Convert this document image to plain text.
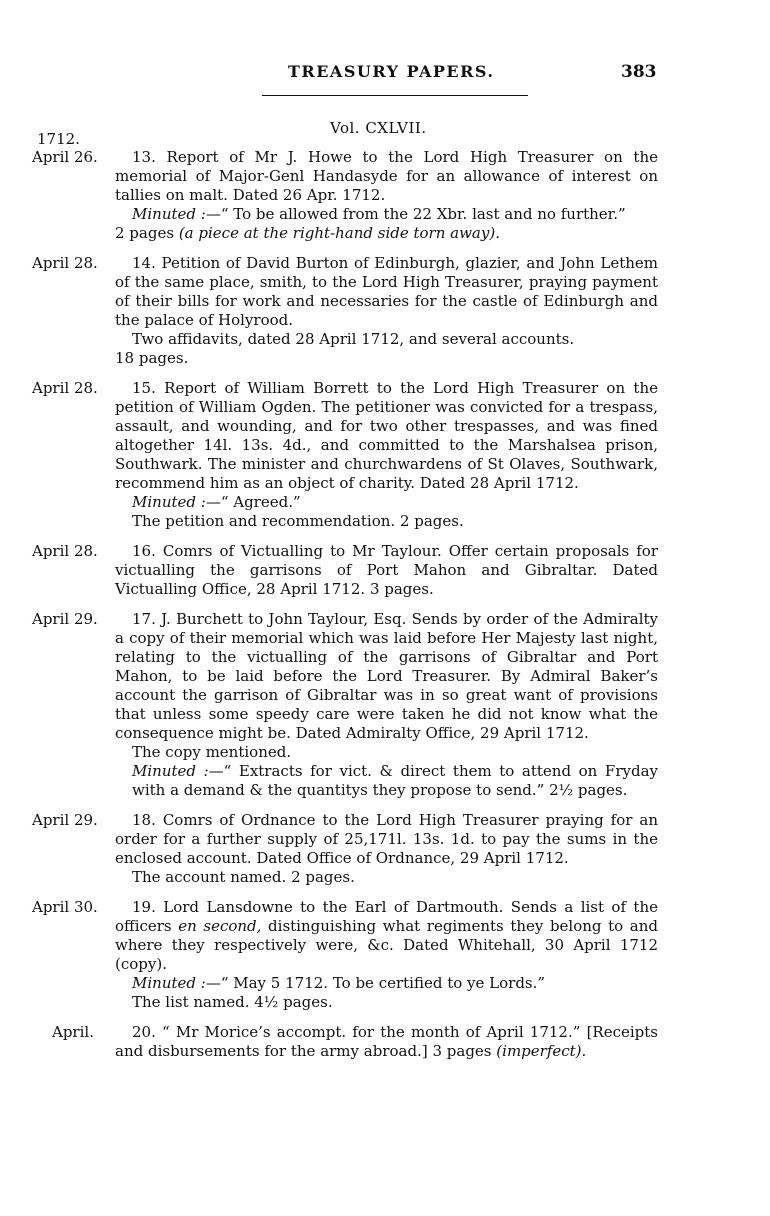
TREASURY PAPERS.	383
Vol. CXLVII.
1712.
April 26.	13. Report of Mr J. Howe to the Lord High Treasurer on the memorial of Major-Genl Handasyde for an allowance of interest on tallies on malt. Dated 26 Apr. 1712.

Minuted :—“ To be allowed from the 22 Xbr. last and no further.”

2 pages (a piece at the right-hand side torn away).

April 28.	14. Petition of David Burton of Edinburgh, glazier, and John Lethem of the same place, smith, to the Lord High Treasurer, praying payment of their bills for work and necessaries for the castle of Edinburgh and the palace of Holyrood.

Two affidavits, dated 28 April 1712, and several accounts.

18 pages.

April 28.	15. Report of William Borrett to the Lord High Treasurer on the petition of William Ogden. The petitioner was convicted for a trespass, assault, and wounding, and for two other trespasses, and was fined altogether 14l. 13s. 4d., and committed to the Marshalsea prison, Southwark. The minister and churchwardens of St Olaves, Southwark, recommend him as an object of charity. Dated 28 April 1712.

Minuted :—“ Agreed.”

The petition and recommendation. 2 pages.

April 28.	16. Comrs of Victualling to Mr Taylour. Offer certain proposals for victualling the garrisons of Port Mahon and Gibraltar. Dated Victualling Office, 28 April 1712. 3 pages.

April 29.	17. J. Burchett to John Taylour, Esq. Sends by order of the Admiralty a copy of their memorial which was laid before Her Majesty last night, relating to the victualling of the garrisons of Gibraltar and Port Mahon, to be laid before the Lord Treasurer. By Admiral Baker’s account the garrison of Gibraltar was in so great want of provisions that unless some speedy care were taken he did not know what the consequence might be. Dated Admiralty Office, 29 April 1712.

The copy mentioned.

Minuted :—“ Extracts for vict. & direct them to attend on Fryday with a demand & the quantitys they propose to send.” 2½ pages.

April 29.	18. Comrs of Ordnance to the Lord High Treasurer praying for an order for a further supply of 25,171l. 13s. 1d. to pay the sums in the enclosed account. Dated Office of Ordnance, 29 April 1712.

The account named. 2 pages.

April 30.	19. Lord Lansdowne to the Earl of Dartmouth. Sends a list of the officers en second, distinguishing what regiments they belong to and where they respectively were, &c. Dated Whitehall, 30 April 1712 (copy).

Minuted :—“ May 5 1712. To be certified to ye Lords.”

The list named. 4½ pages.

April.	20. “ Mr Morice’s accompt. for the month of April 1712.” [Receipts and disbursements for the army abroad.] 3 pages (imperfect).
